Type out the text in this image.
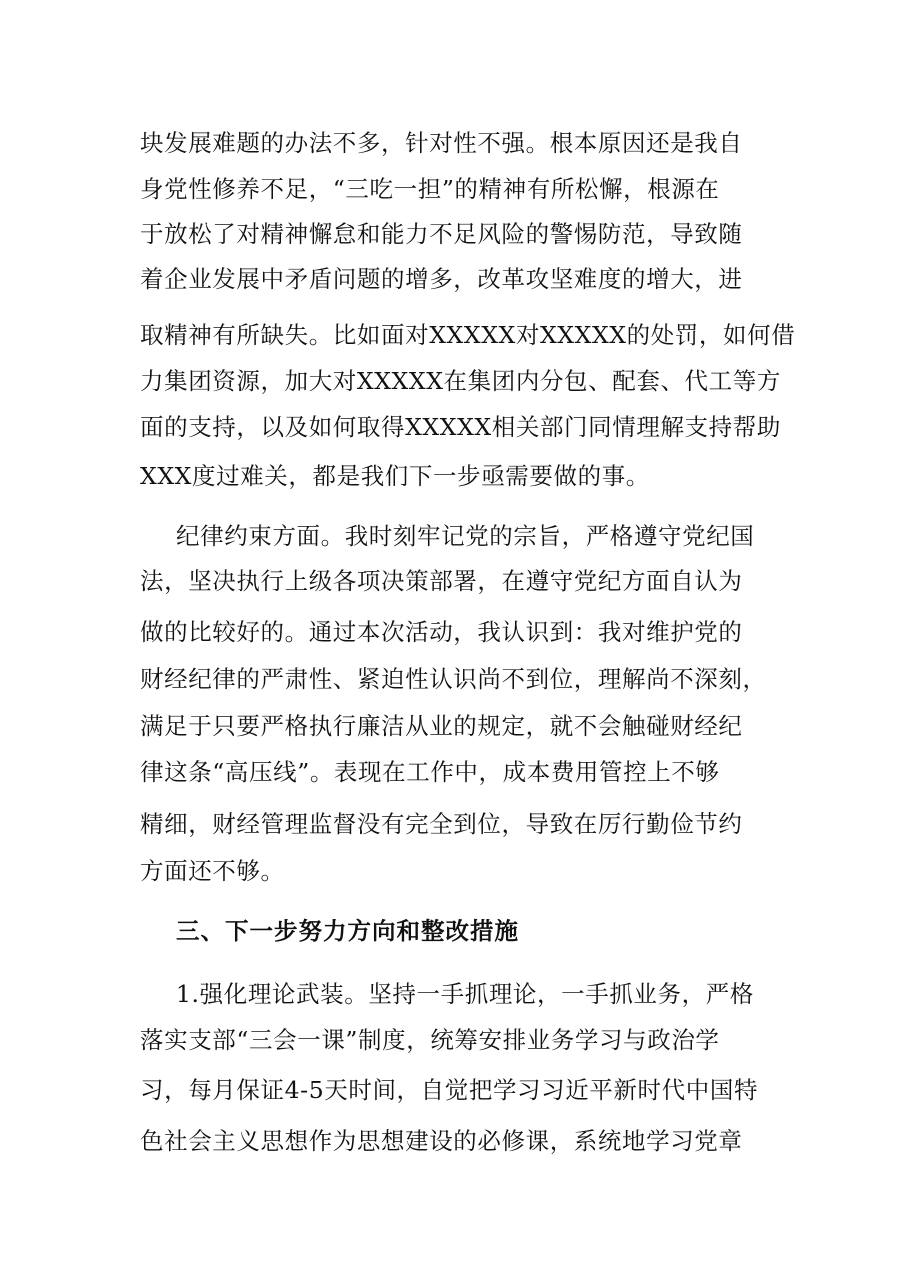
块发展难题的办法不多，针对性不强。根本原因还是我自
身党性修养不足，“三吃一担”的精神有所松懈，根源在
于放松了对精神懈怠和能力不足风险的警惕防范，导致随
着企业发展中矛盾问题的增多，改革攻坚难度的增大，进
取精神有所缺失。比如面对XXXXX对XXXXX的处罚，如何借
力集团资源，加大对XXXXX在集团内分包、配套、代工等方
面的支持，以及如何取得XXXXX相关部门同情理解支持帮助
XXX度过难关，都是我们下一步亟需要做的事。
纪律约束方面。我时刻牢记党的宗旨，严格遵守党纪国
法，坚决执行上级各项决策部署，在遵守党纪方面自认为
做的比较好的。通过本次活动，我认识到：我对维护党的
财经纪律的严肃性、紧迫性认识尚不到位，理解尚不深刻，
满足于只要严格执行廉洁从业的规定，就不会触碰财经纪
律这条“高压线”。表现在工作中，成本费用管控上不够
精细，财经管理监督没有完全到位，导致在厉行勤俭节约
方面还不够。
三、下一步努力方向和整改措施
1.强化理论武装。坚持一手抓理论，一手抓业务，严格
落实支部“三会一课”制度，统筹安排业务学习与政治学
习，每月保证4-5天时间，自觉把学习习近平新时代中国特
色社会主义思想作为思想建设的必修课，系统地学习党章
